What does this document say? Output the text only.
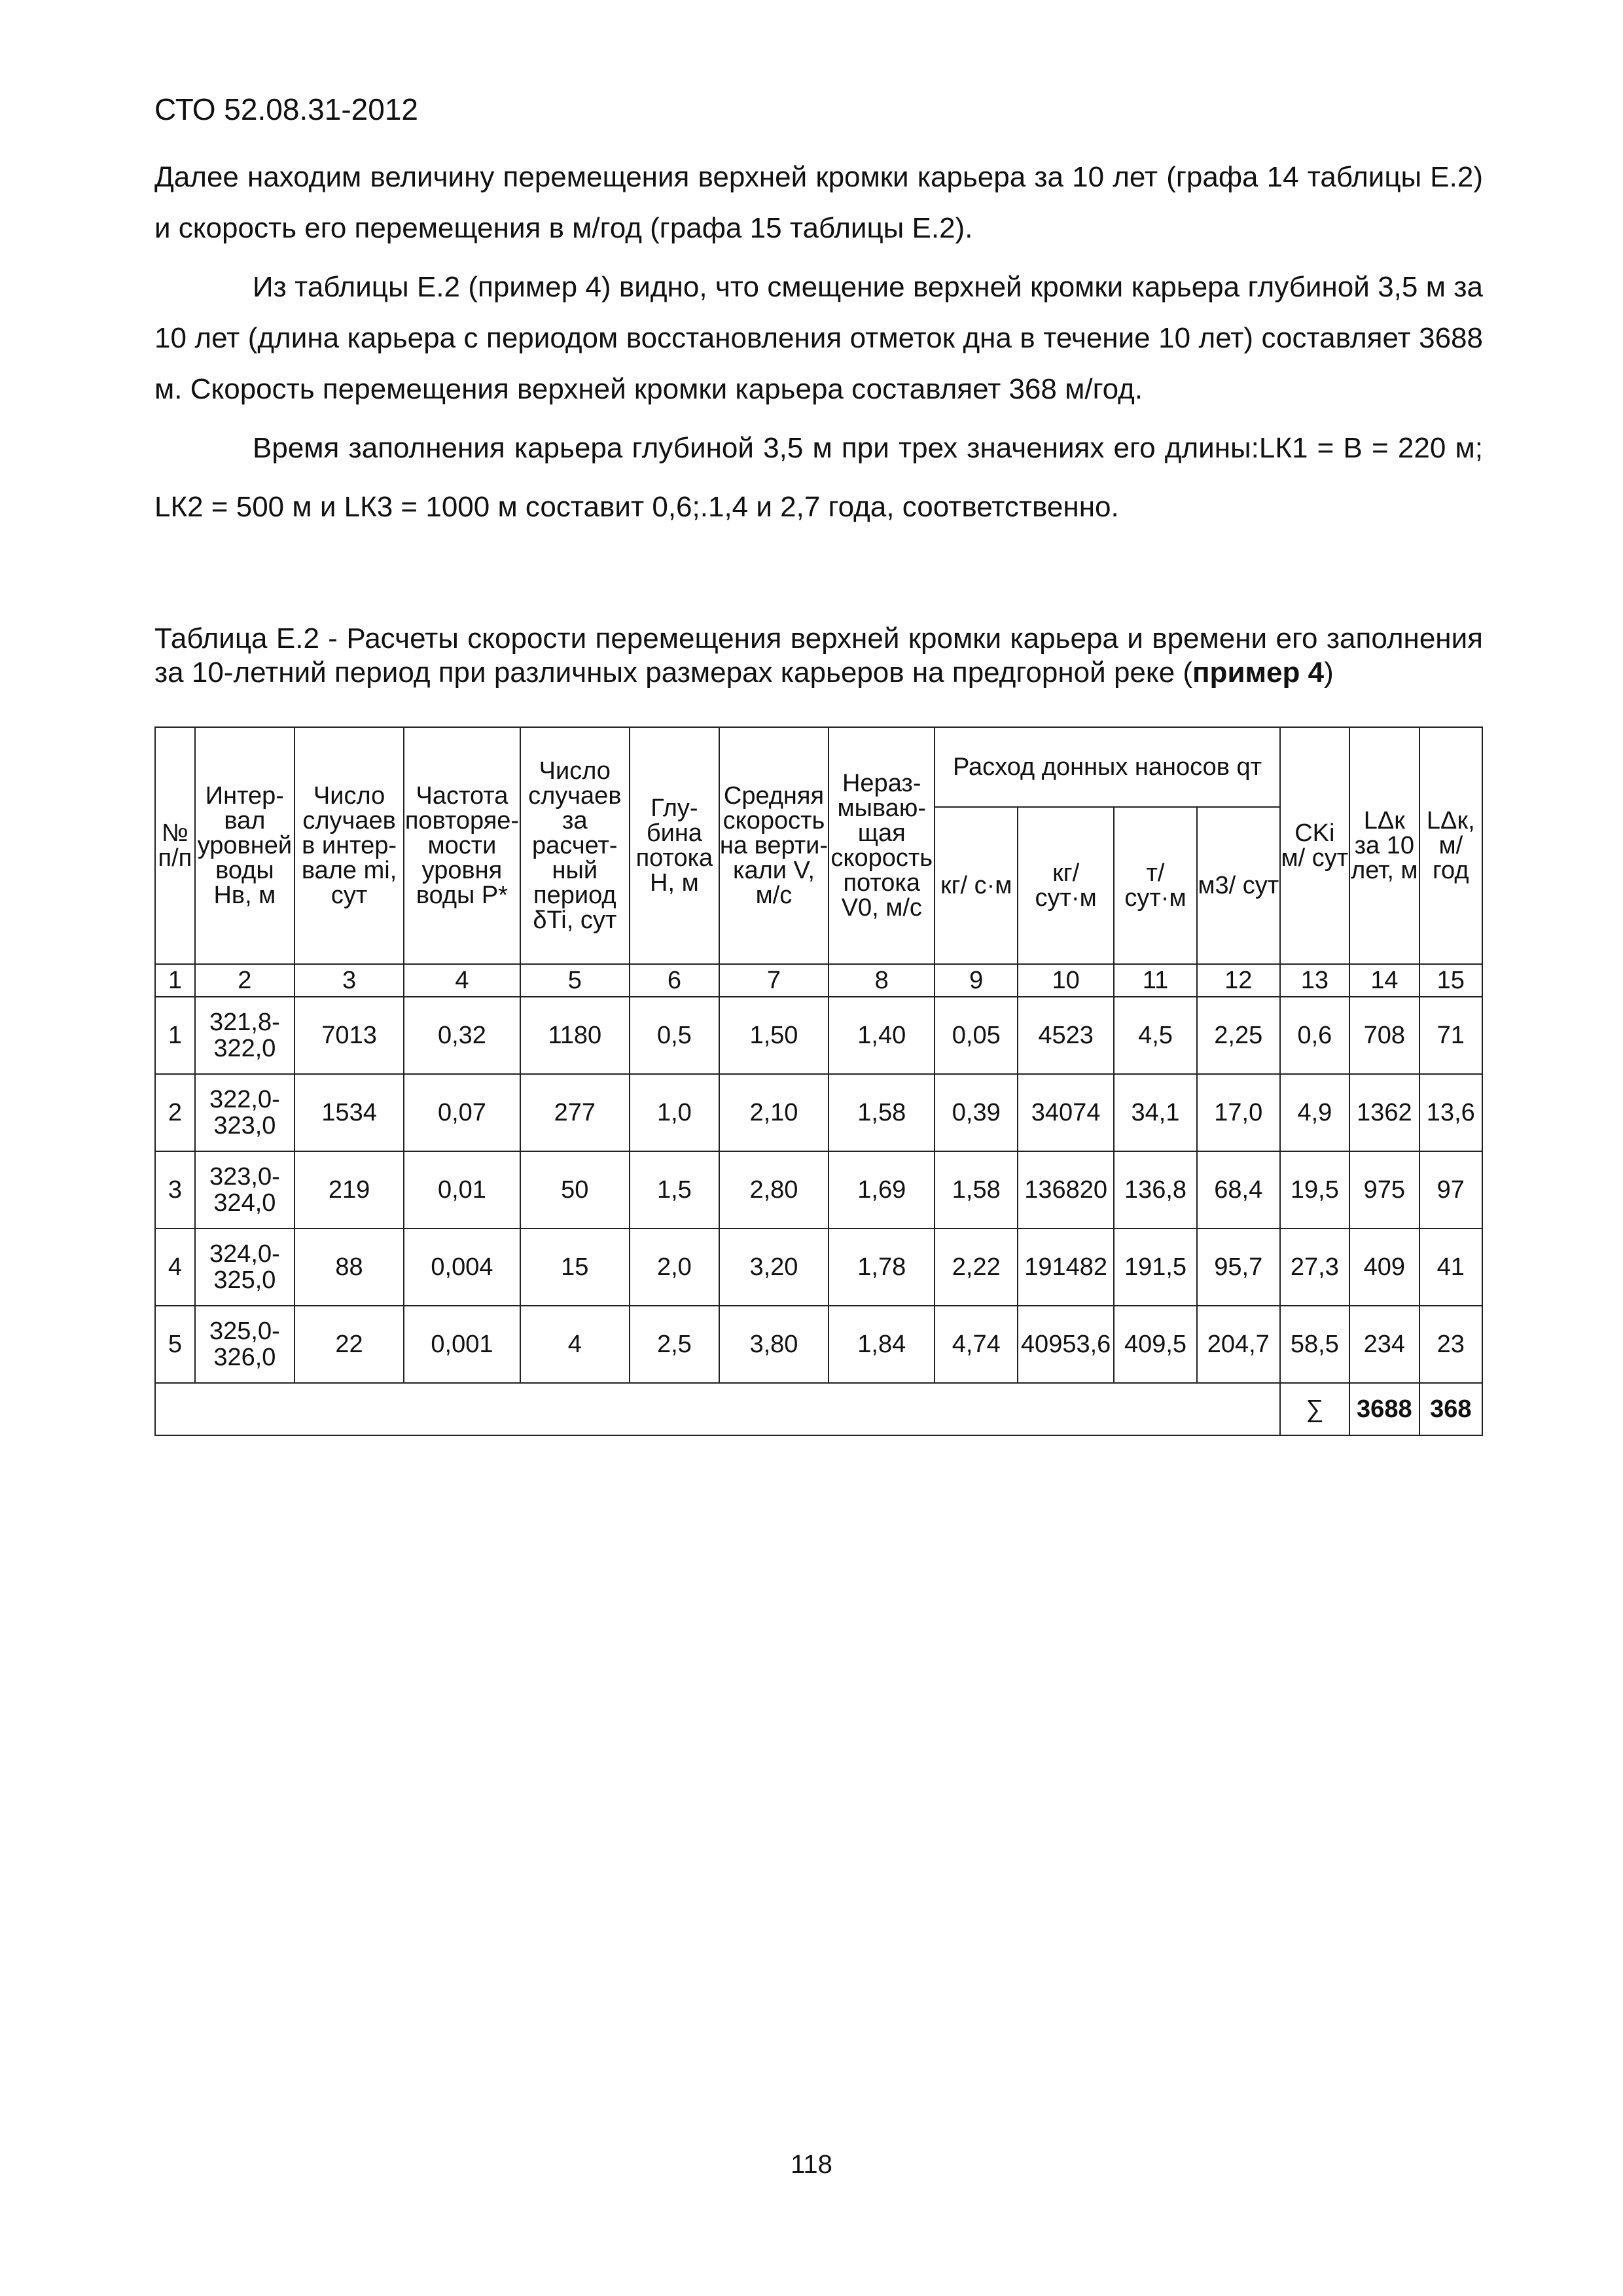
СТО 52.08.31-2012
Далее находим величину перемещения верхней кромки карьера за 10 лет (графа 14 таблицы Е.2) и скорость его перемещения в м/год (графа 15 таблицы Е.2).
Из таблицы Е.2 (пример 4) видно, что смещение верхней кромки карьера глубиной 3,5 м за 10 лет (длина карьера с периодом восстановления отметок дна в течение 10 лет) составляет 3688 м. Скорость перемещения верхней кромки карьера составляет 368 м/год.
Время заполнения карьера глубиной 3,5 м при трех значениях его длины:LК1 = B = 220 м; LК2 = 500 м и LК3 = 1000 м составит 0,6;.1,4 и 2,7 года, соответственно.
Таблица Е.2 - Расчеты скорости перемещения верхней кромки карьера и времени его заполнения за 10-летний период при различных размерах карьеров на предгорной реке (пример 4)
№ п/п	Интер-вал уровней воды Hв, м	Число случаев в интер-вале mi, сут	Частота повторяе-мости уровня воды P*	Число случаев за расчет-ный период δTi, сут	Глу-бина потока H, м	Средняя скорость на верти-кали V, м/с	Нераз-мываю-щая скорость потока V0, м/с	Расход донных наносов qт				CKi м/ сут	LΔк за 10 лет, м	LΔк, м/ год
								кг/ с·м	кг/ сут·м	т/ сут·м	м3/ сут			
1	2	3	4	5	6	7	8	9	10	11	12	13	14	15
1	321,8-322,0	7013	0,32	1180	0,5	1,50	1,40	0,05	4523	4,5	2,25	0,6	708	71
2	322,0-323,0	1534	0,07	277	1,0	2,10	1,58	0,39	34074	34,1	17,0	4,9	1362	13,6
3	323,0-324,0	219	0,01	50	1,5	2,80	1,69	1,58	136820	136,8	68,4	19,5	975	97
4	324,0-325,0	88	0,004	15	2,0	3,20	1,78	2,22	191482	191,5	95,7	27,3	409	41
5	325,0-326,0	22	0,001	4	2,5	3,80	1,84	4,74	40953,6	409,5	204,7	58,5	234	23
												∑	3688	368
118
